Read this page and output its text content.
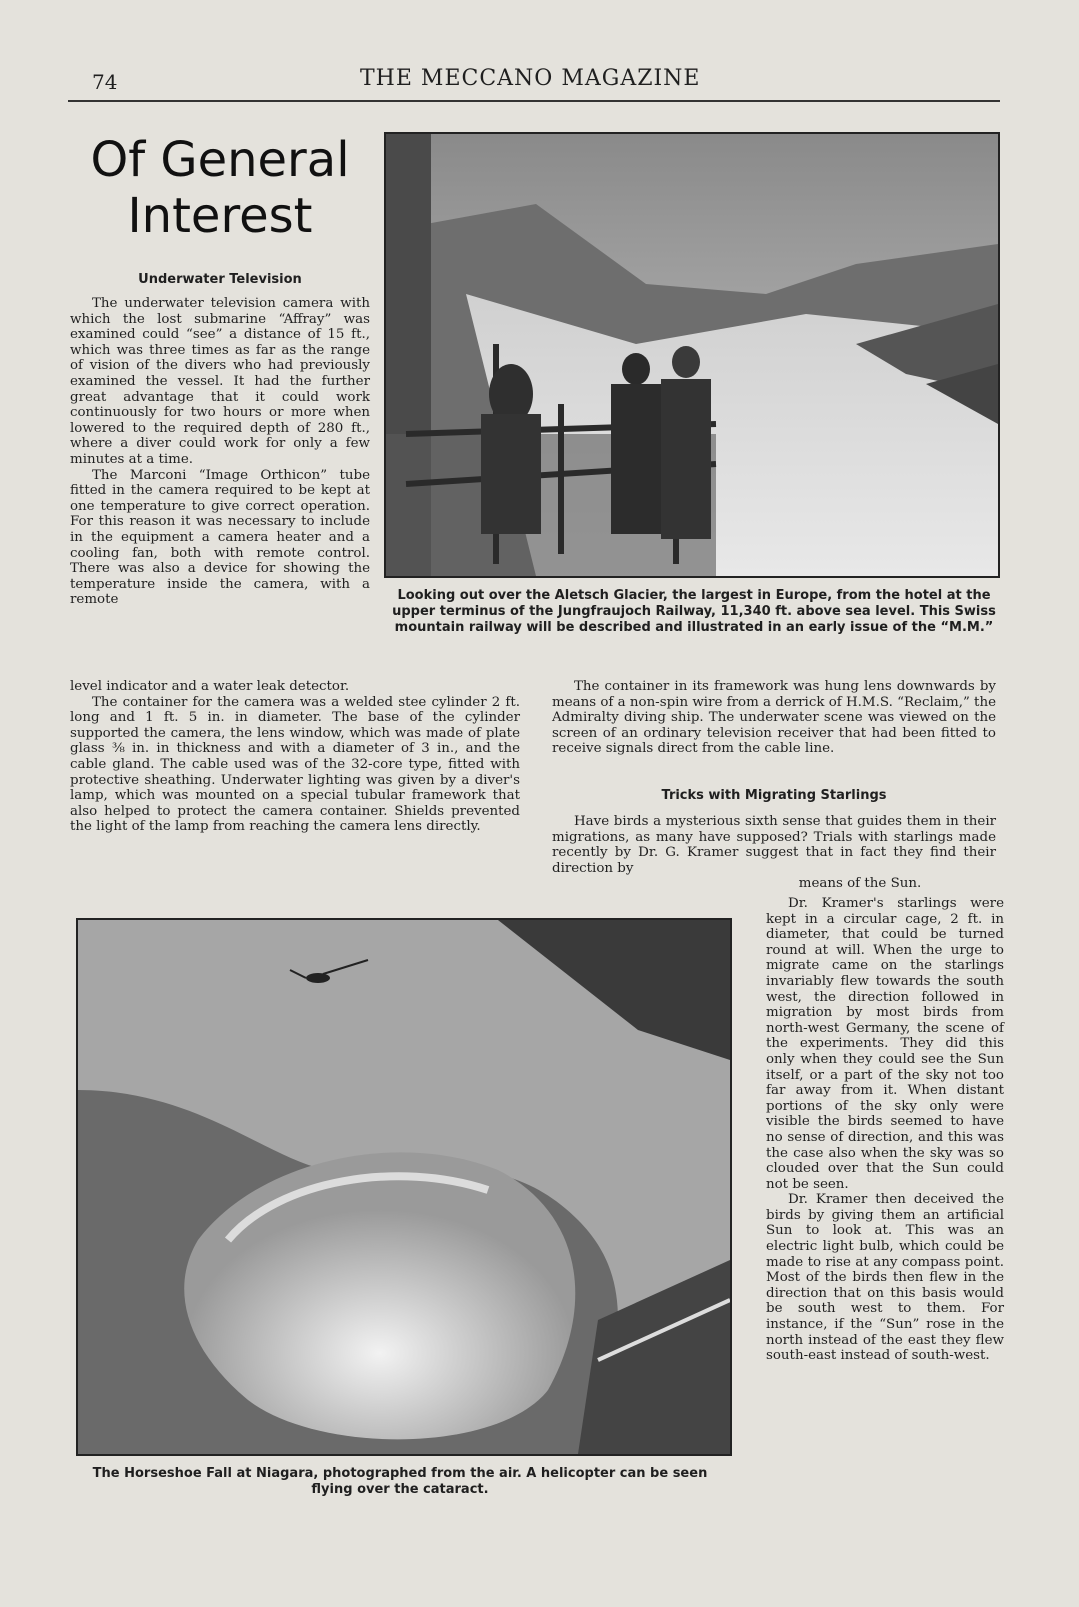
74	THE MECCANO MAGAZINE
Of General
Interest
Underwater Television

The underwater television camera with which the lost submarine “Affray” was examined could “see” a distance of 15 ft., which was three times as far as the range of vision of the divers who had previously examined the vessel. It had the further great advantage that it could work continuously for two hours or more when lowered to the required depth of 280 ft., where a diver could work for only a few minutes at a time.

The Marconi “Image Orthicon” tube fitted in the camera required to be kept at one temperature to give correct operation. For this reason it was necessary to include in the equipment a camera heater and a cooling fan, both with remote control. There was also a device for showing the temperature inside the camera, with a remote	Looking out over the Aletsch Glacier, the largest in Europe, from the hotel at the upper terminus of the Jungfraujoch Railway, 11,340 ft. above sea level. This Swiss mountain railway will be described and illustrated in an early issue of the “M.M.”
level indicator and a water leak detector.

The container for the camera was a welded stee cylinder 2 ft. long and 1 ft. 5 in. in diameter. The base of the cylinder supported the camera, the lens window, which was made of plate glass ⅜ in. in thickness and with a diameter of 3 in., and the cable gland. The cable used was of the 32-core type, fitted with protective sheathing. Underwater lighting was given by a diver's lamp, which was mounted on a special tubular framework that also helped to protect the camera container. Shields prevented the light of the lamp from reaching the camera lens directly.

The container in its framework was hung lens downwards by means of a non-spin wire from a derrick of H.M.S. “Reclaim,” the Admiralty diving ship. The underwater scene was viewed on the screen of an ordinary television receiver that had been fitted to receive signals direct from the cable line.

Tricks with Migrating Starlings

Have birds a mysterious sixth sense that guides them in their migrations, as many have supposed? Trials with starlings made recently by Dr. G. Kramer suggest that in fact they find their direction by

means of the Sun.
The Horseshoe Fall at Niagara, photographed from the air. A helicopter can be seen flying over the cataract.

Dr. Kramer's starlings were kept in a circular cage, 2 ft. in diameter, that could be turned round at will. When the urge to migrate came on the starlings invariably flew towards the south west, the direction followed in migration by most birds from north-west Germany, the scene of the experiments. They did this only when they could see the Sun itself, or a part of the sky not too far away from it. When distant portions of the sky only were visible the birds seemed to have no sense of direction, and this was the case also when the sky was so clouded over that the Sun could not be seen.

Dr. Kramer then deceived the birds by giving them an artificial Sun to look at. This was an electric light bulb, which could be made to rise at any compass point. Most of the birds then flew in the direction that on this basis would be south west to them. For instance, if the “Sun” rose in the north instead of the east they flew south-east instead of south-west.
